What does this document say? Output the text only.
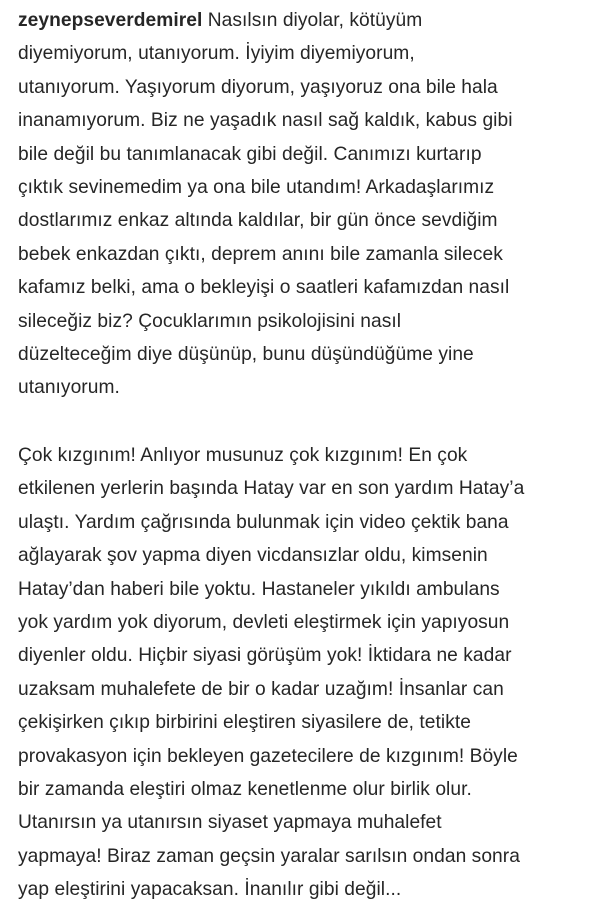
zeynepseverdemirel Nasılsın diyolar, kötüyüm
diyemiyorum, utanıyorum. İyiyim diyemiyorum,
utanıyorum. Yaşıyorum diyorum, yaşıyoruz ona bile hala
inanamıyorum. Biz ne yaşadık nasıl sağ kaldık, kabus gibi
bile değil bu tanımlanacak gibi değil. Canımızı kurtarıp
çıktık sevinemedim ya ona bile utandım! Arkadaşlarımız
dostlarımız enkaz altında kaldılar, bir gün önce sevdiğim
bebek enkazdan çıktı, deprem anını bile zamanla silecek
kafamız belki, ama o bekleyişi o saatleri kafamızdan nasıl
sileceğiz biz? Çocuklarımın psikolojisini nasıl
düzelteceğim diye düşünüp, bunu düşündüğüme yine
utanıyorum.

Çok kızgınım! Anlıyor musunuz çok kızgınım! En çok
etkilenen yerlerin başında Hatay var en son yardım Hatay’a
ulaştı. Yardım çağrısında bulunmak için video çektik bana
ağlayarak şov yapma diyen vicdansızlar oldu, kimsenin
Hatay’dan haberi bile yoktu. Hastaneler yıkıldı ambulans
yok yardım yok diyorum, devleti eleştirmek için yapıyosun
diyenler oldu. Hiçbir siyasi görüşüm yok! İktidara ne kadar
uzaksam muhalefete de bir o kadar uzağım! İnsanlar can
çekişirken çıkıp birbirini eleştiren siyasilere de, tetikte
provakasyon için bekleyen gazetecilere de kızgınım! Böyle
bir zamanda eleştiri olmaz kenetlenme olur birlik olur.
Utanırsın ya utanırsın siyaset yapmaya muhalefet
yapmaya! Biraz zaman geçsin yaralar sarılsın ondan sonra
yap eleştirini yapacaksan. İnanılır gibi değil...
